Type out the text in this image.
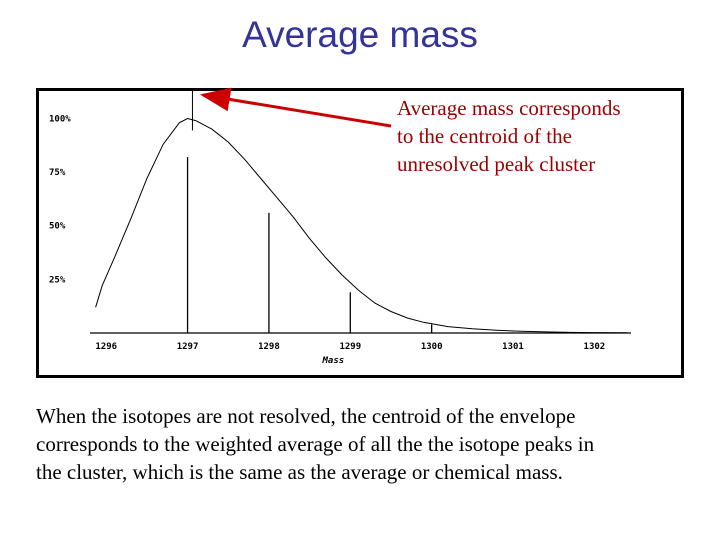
Average mass
25%
50%
75%
100%
1296	1297	1298	1299	1300	1301	1302
Mass
Average mass corresponds
to the centroid of the
unresolved peak cluster
When the isotopes are not resolved, the centroid of the envelope
corresponds to the weighted average of all the the isotope peaks in
the cluster, which is the same as the average or chemical mass.
